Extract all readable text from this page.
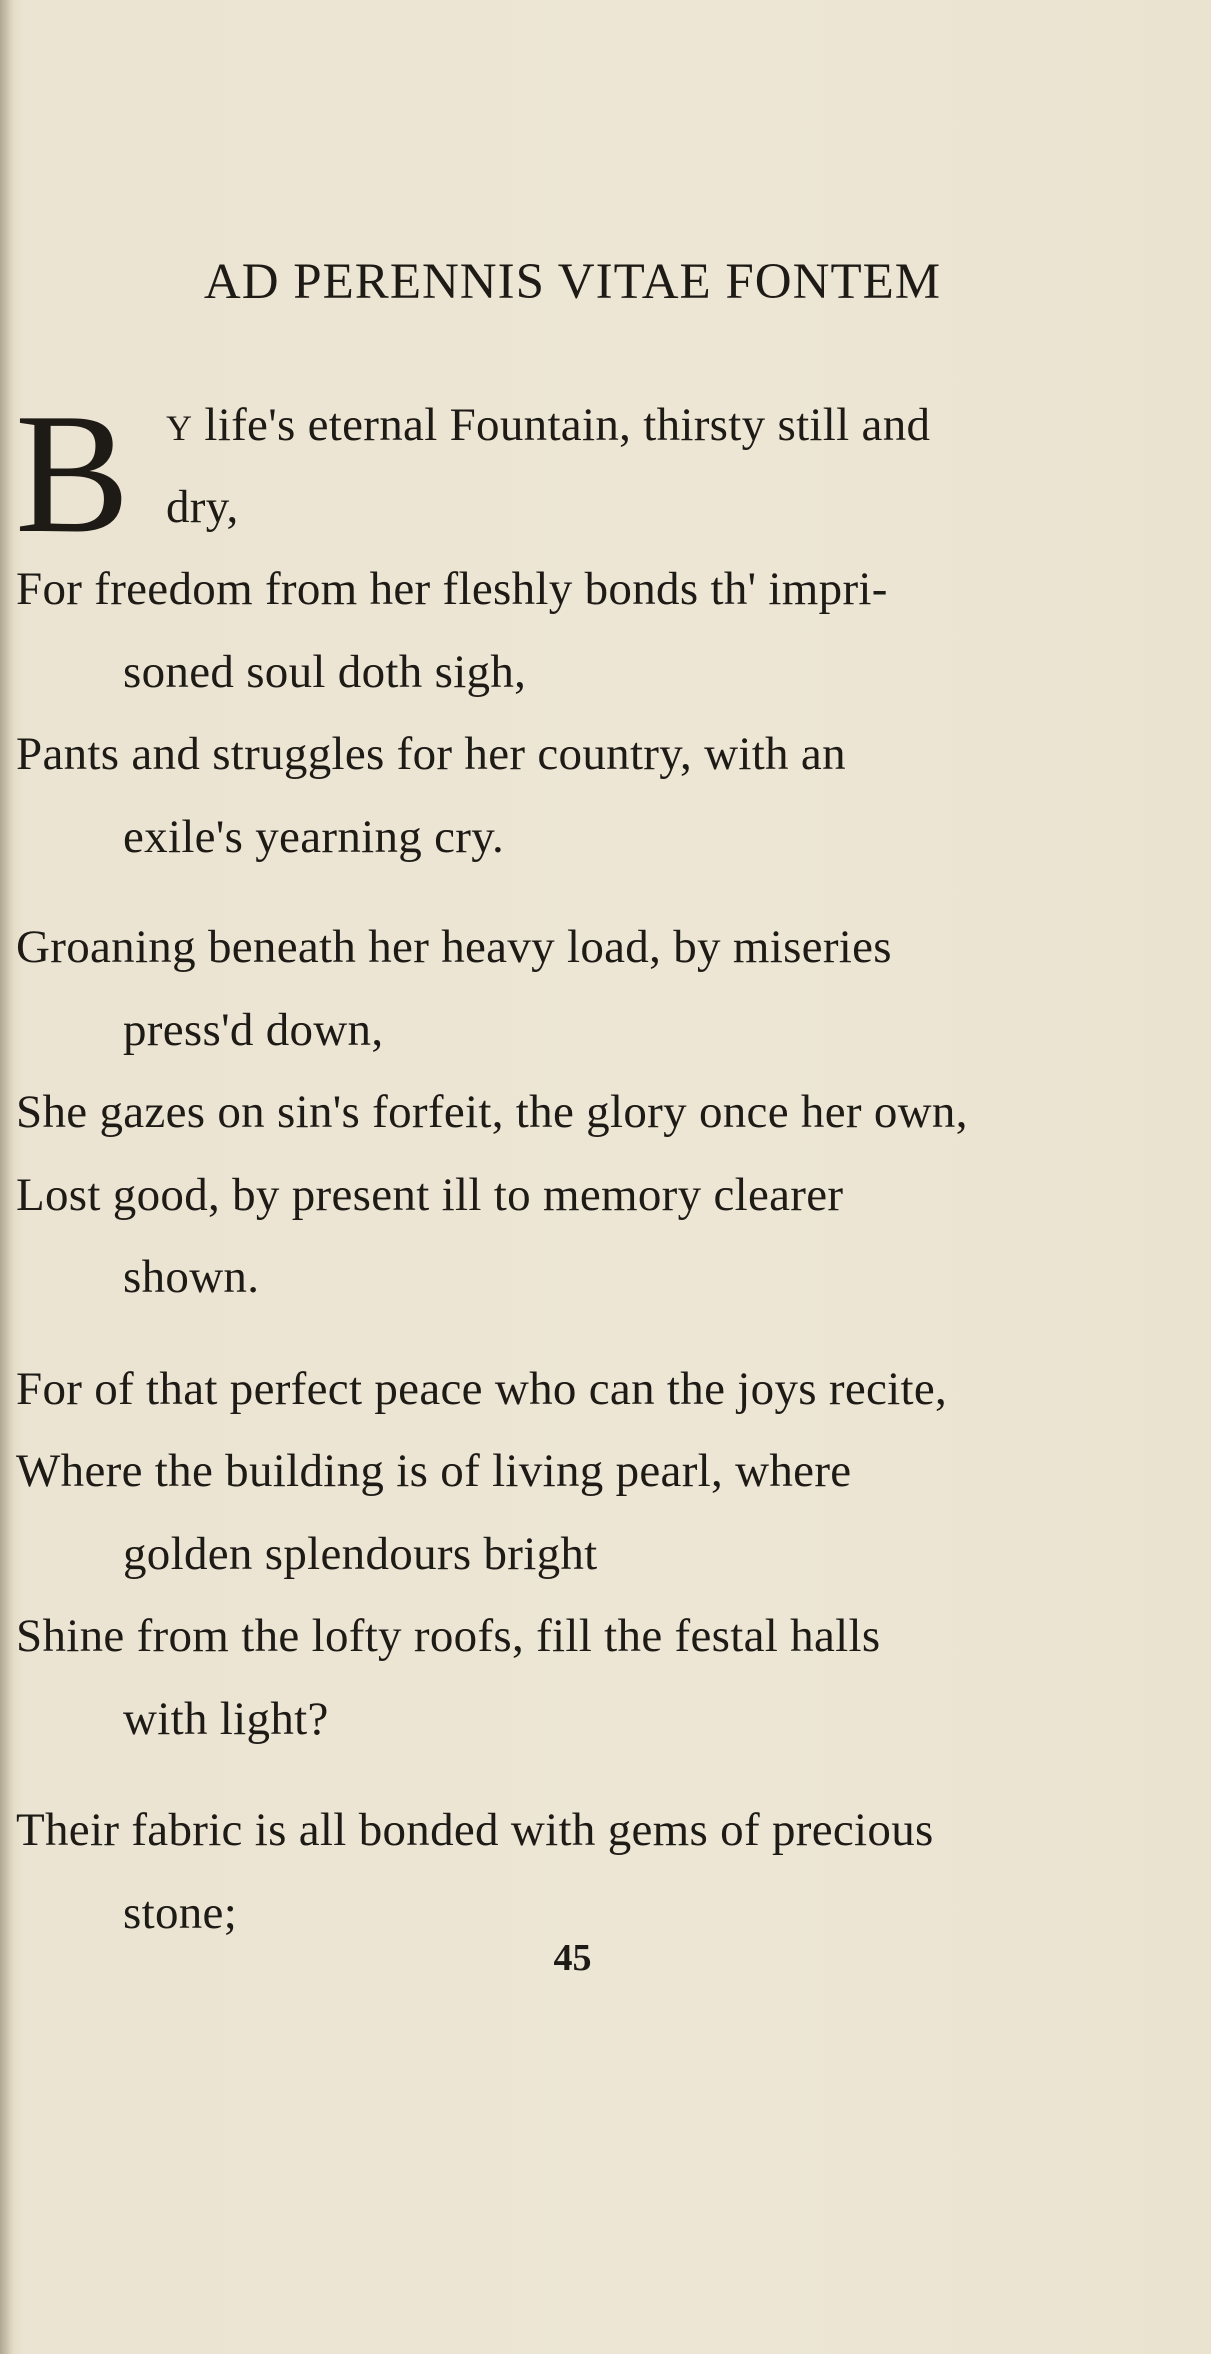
AD PERENNIS VITAE FONTEM
B Y life's eternal Fountain, thirsty still and
dry,
For freedom from her fleshly bonds th' impri-
soned soul doth sigh,
Pants and struggles for her country, with an
exile's yearning cry.
Groaning beneath her heavy load, by miseries
press'd down,
She gazes on sin's forfeit, the glory once her own,
Lost good, by present ill to memory clearer
shown.
For of that perfect peace who can the joys recite,
Where the building is of living pearl, where
golden splendours bright
Shine from the lofty roofs, fill the festal halls
with light?
Their fabric is all bonded with gems of precious
stone;
45
